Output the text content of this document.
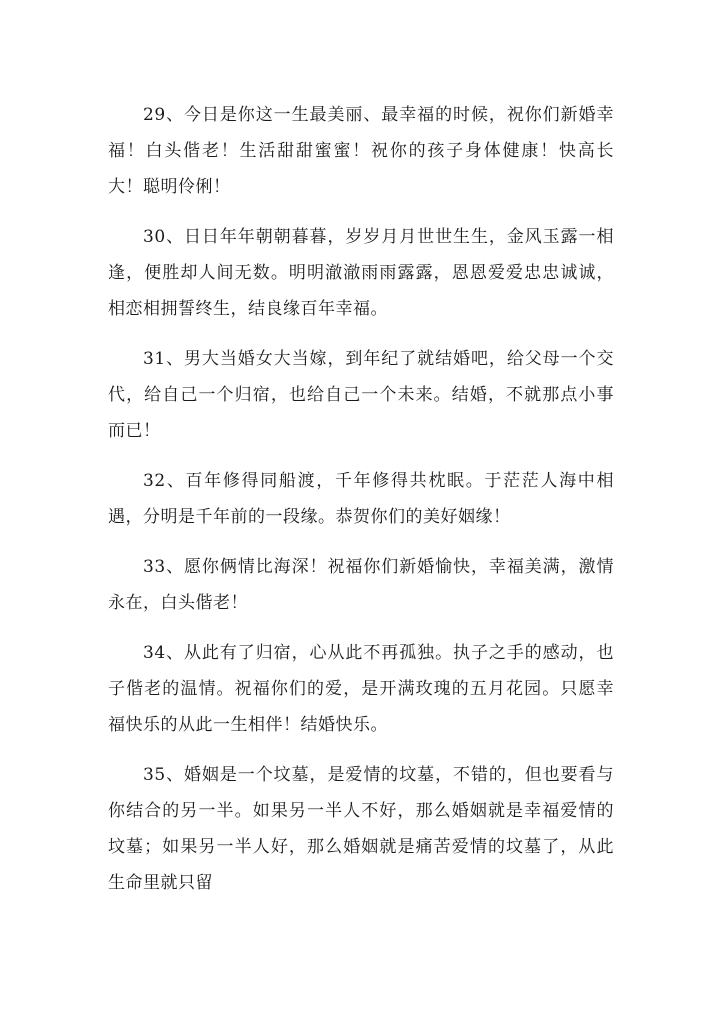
29、今日是你这一生最美丽、最幸福的时候，祝你们新婚幸福！白头偕老！生活甜甜蜜蜜！祝你的孩子身体健康！快高长大！聪明伶俐！

30、日日年年朝朝暮暮，岁岁月月世世生生，金风玉露一相逢，便胜却人间无数。明明澈澈雨雨露露，恩恩爱爱忠忠诚诚，相恋相拥誓终生，结良缘百年幸福。

31、男大当婚女大当嫁，到年纪了就结婚吧，给父母一个交代，给自己一个归宿，也给自己一个未来。结婚，不就那点小事而已！

32、百年修得同船渡，千年修得共枕眠。于茫茫人海中相遇，分明是千年前的一段缘。恭贺你们的美好姻缘！

33、愿你俩情比海深！祝福你们新婚愉快，幸福美满，激情永在，白头偕老！

34、从此有了归宿，心从此不再孤独。执子之手的感动，也子偕老的温情。祝福你们的爱，是开满玫瑰的五月花园。只愿幸福快乐的从此一生相伴！结婚快乐。

35、婚姻是一个坟墓，是爱情的坟墓，不错的，但也要看与你结合的另一半。如果另一半人不好，那么婚姻就是幸福爱情的坟墓；如果另一半人好，那么婚姻就是痛苦爱情的坟墓了，从此生命里就只留
